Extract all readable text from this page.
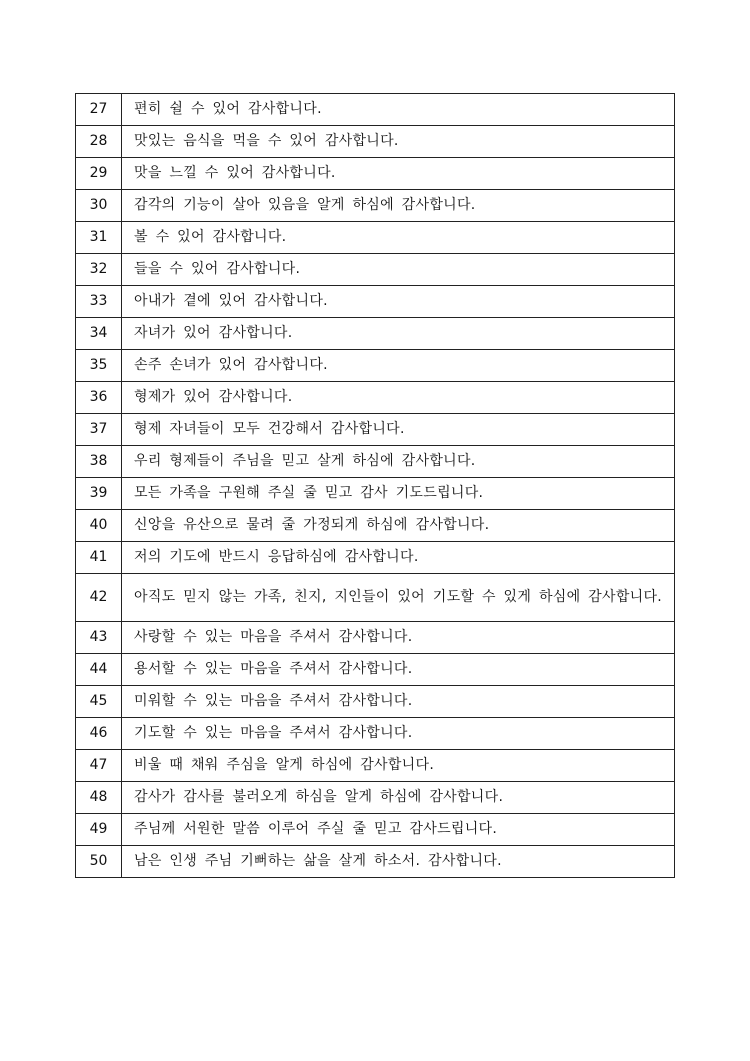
27	편히 쉴 수 있어 감사합니다.
28	맛있는 음식을 먹을 수 있어 감사합니다.
29	맛을 느낄 수 있어 감사합니다.
30	감각의 기능이 살아 있음을 알게 하심에 감사합니다.
31	볼 수 있어 감사합니다.
32	들을 수 있어 감사합니다.
33	아내가 곁에 있어 감사합니다.
34	자녀가 있어 감사합니다.
35	손주 손녀가 있어 감사합니다.
36	형제가 있어 감사합니다.
37	형제 자녀들이 모두 건강해서 감사합니다.
38	우리 형제들이 주님을 믿고 살게 하심에 감사합니다.
39	모든 가족을 구원해 주실 줄 믿고 감사 기도드립니다.
40	신앙을 유산으로 물려 줄 가정되게 하심에 감사합니다.
41	저의 기도에 반드시 응답하심에 감사합니다.
42	아직도 믿지 않는 가족, 친지, 지인들이 있어 기도할 수 있게 하심에 감사합니다.
43	사랑할 수 있는 마음을 주셔서 감사합니다.
44	용서할 수 있는 마음을 주셔서 감사합니다.
45	미워할 수 있는 마음을 주셔서 감사합니다.
46	기도할 수 있는 마음을 주셔서 감사합니다.
47	비울 때 채워 주심을 알게 하심에 감사합니다.
48	감사가 감사를 불러오게 하심을 알게 하심에 감사합니다.
49	주님께 서원한 말씀 이루어 주실 줄 믿고 감사드립니다.
50	남은 인생 주님 기뻐하는 삶을 살게 하소서. 감사합니다.
